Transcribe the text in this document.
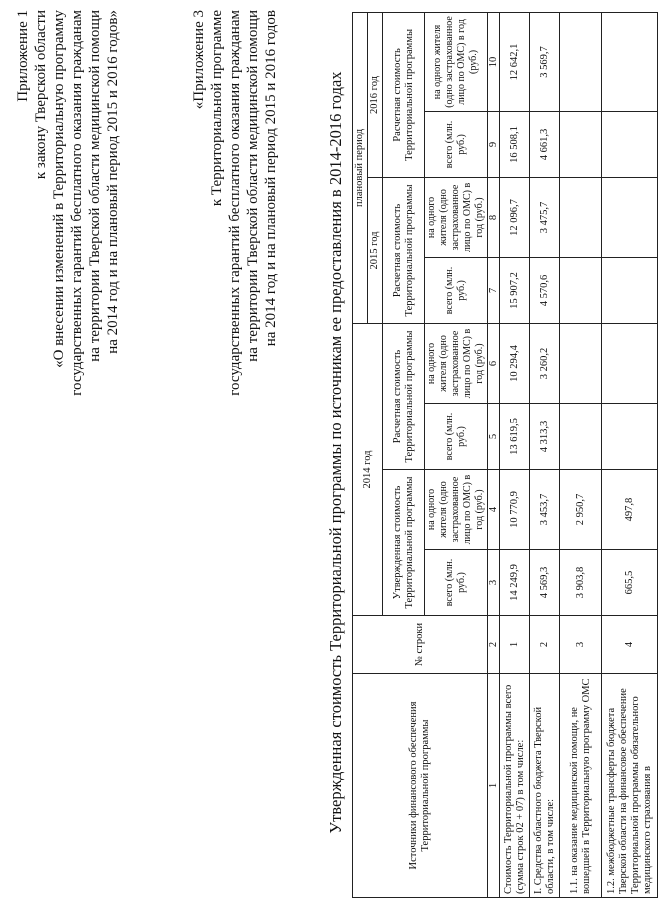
Приложение 1 к закону Тверской области «О внесении изменений в Территориальную программу государственных гарантий бесплатного оказания гражданам на территории Тверской области медицинской помощи на 2014 год и на плановый период 2015 и 2016 годов»	«Приложение 3 к Территориальной программе государственных гарантий бесплатного оказания гражданам на территории Тверской области медицинской помощи на 2014 год и на плановый период 2015 и 2016 годов	Утвержденная стоимость Территориальной программы по источникам ее предоставления в 2014-2016 годах	Источники финансового обеспечения Территориальной программы	№ строки	2014 год				плановый период			
						2015 год		2016 год	
		Утвержденная стоимость Территориальной программы		Расчетная стоимость Территориальной программы		Расчетная стоимость Территориальной программы		Расчетная стоимость Территориальной программы	
		всего (млн. руб.)	на одного жителя (одно застрахованное лицо по ОМС) в год (руб.)	всего (млн. руб.)	на одного жителя (одно застрахованное лицо по ОМС) в год (руб.)	всего (млн. руб.)	на одного жителя (одно застрахованное лицо по ОМС) в год (руб.)	всего (млн. руб.)	на одного жителя (одно застрахованное лицо по ОМС) в год (руб.)
1	2	3	4	5	6	7	8	9	10
Стоимость Территориальной программы всего (сумма строк 02 + 07) в том числе:	1	14 249,9	10 770,9	13 619,5	10 294,4	15 907,2	12 096,7	16 508,1	12 642,1
I. Средства областного бюджета Тверской области, в том числе:	2	4 569,3	3 453,7	4 313,3	3 260,2	4 570,6	3 475,7	4 661,3	3 569,7
1.1. на оказание медицинской помощи, не вошедшей в Территориальную программу ОМС	3	3 903,8	2 950,7						
1.2. межбюджетные трансферты бюджета Тверской области на финансовое обеспечение Территориальной программы обязательного медицинского страхования в	4	665,5	497,8						
